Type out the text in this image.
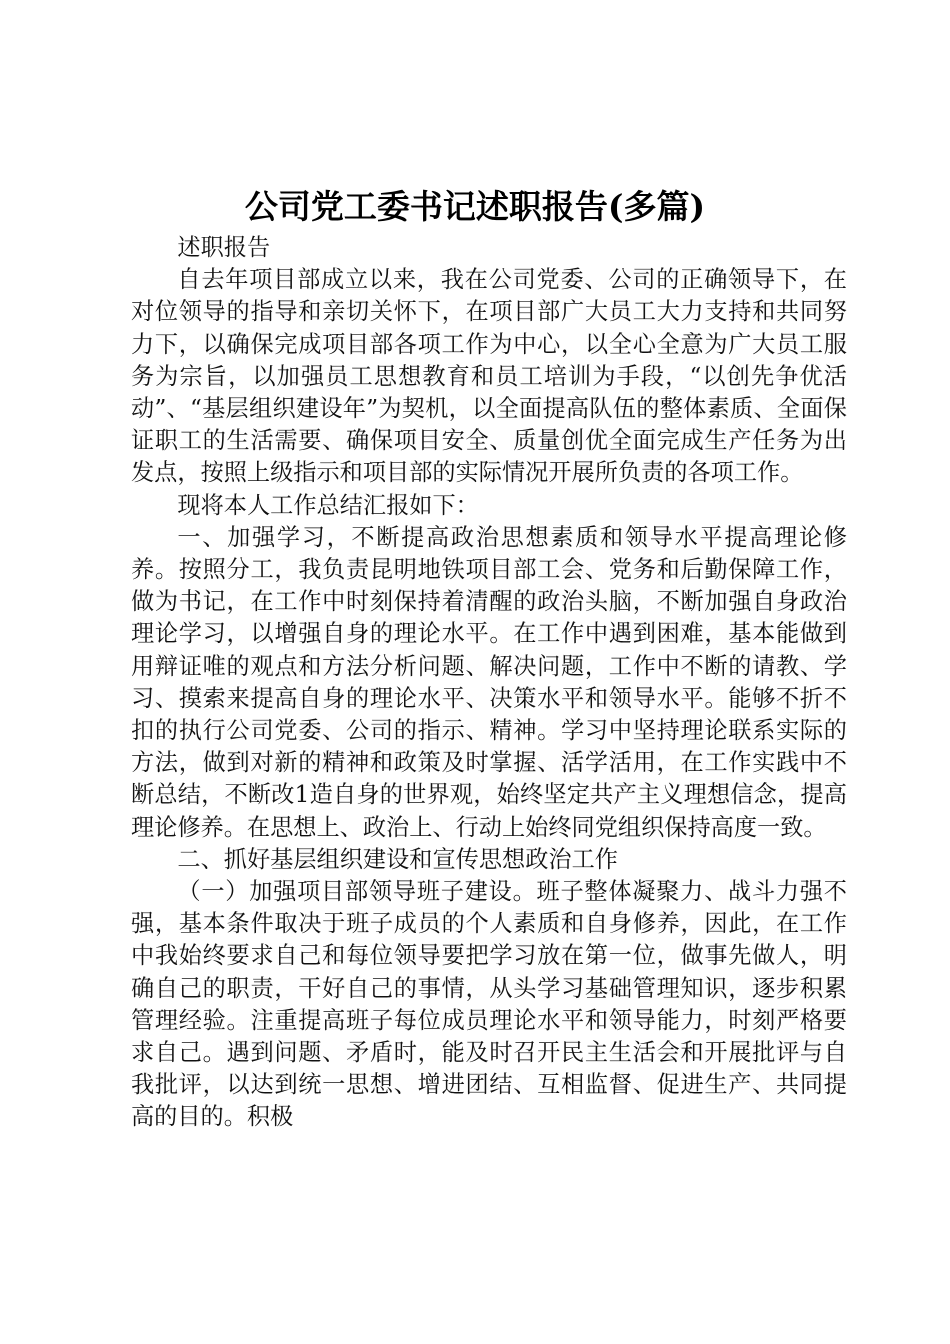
公司党工委书记述职报告(多篇)

述职报告

自去年项目部成立以来，我在公司党委、公司的正确领导下，在对位领导的指导和亲切关怀下，在项目部广大员工大力支持和共同努力下，以确保完成项目部各项工作为中心，以全心全意为广大员工服务为宗旨，以加强员工思想教育和员工培训为手段，“以创先争优活动”、“基层组织建设年”为契机，以全面提高队伍的整体素质、全面保证职工的生活需要、确保项目安全、质量创优全面完成生产任务为出发点，按照上级指示和项目部的实际情况开展所负责的各项工作。

现将本人工作总结汇报如下：

一、加强学习，不断提高政治思想素质和领导水平提高理论修养。按照分工，我负责昆明地铁项目部工会、党务和后勤保障工作，做为书记，在工作中时刻保持着清醒的政治头脑，不断加强自身政治理论学习，以增强自身的理论水平。在工作中遇到困难，基本能做到用辩证唯的观点和方法分析问题、解决问题，工作中不断的请教、学习、摸索来提高自身的理论水平、决策水平和领导水平。能够不折不扣的执行公司党委、公司的指示、精神。学习中坚持理论联系实际的方法，做到对新的精神和政策及时掌握、活学活用，在工作实践中不断总结，不断改1造自身的世界观，始终坚定共产主义理想信念，提高理论修养。在思想上、政治上、行动上始终同党组织保持高度一致。

二、抓好基层组织建设和宣传思想政治工作

（一）加强项目部领导班子建设。班子整体凝聚力、战斗力强不强，基本条件取决于班子成员的个人素质和自身修养，因此，在工作中我始终要求自己和每位领导要把学习放在第一位，做事先做人，明确自己的职责，干好自己的事情，从头学习基础管理知识，逐步积累管理经验。注重提高班子每位成员理论水平和领导能力，时刻严格要求自己。遇到问题、矛盾时，能及时召开民主生活会和开展批评与自我批评，以达到统一思想、增进团结、互相监督、促进生产、共同提高的目的。积极
